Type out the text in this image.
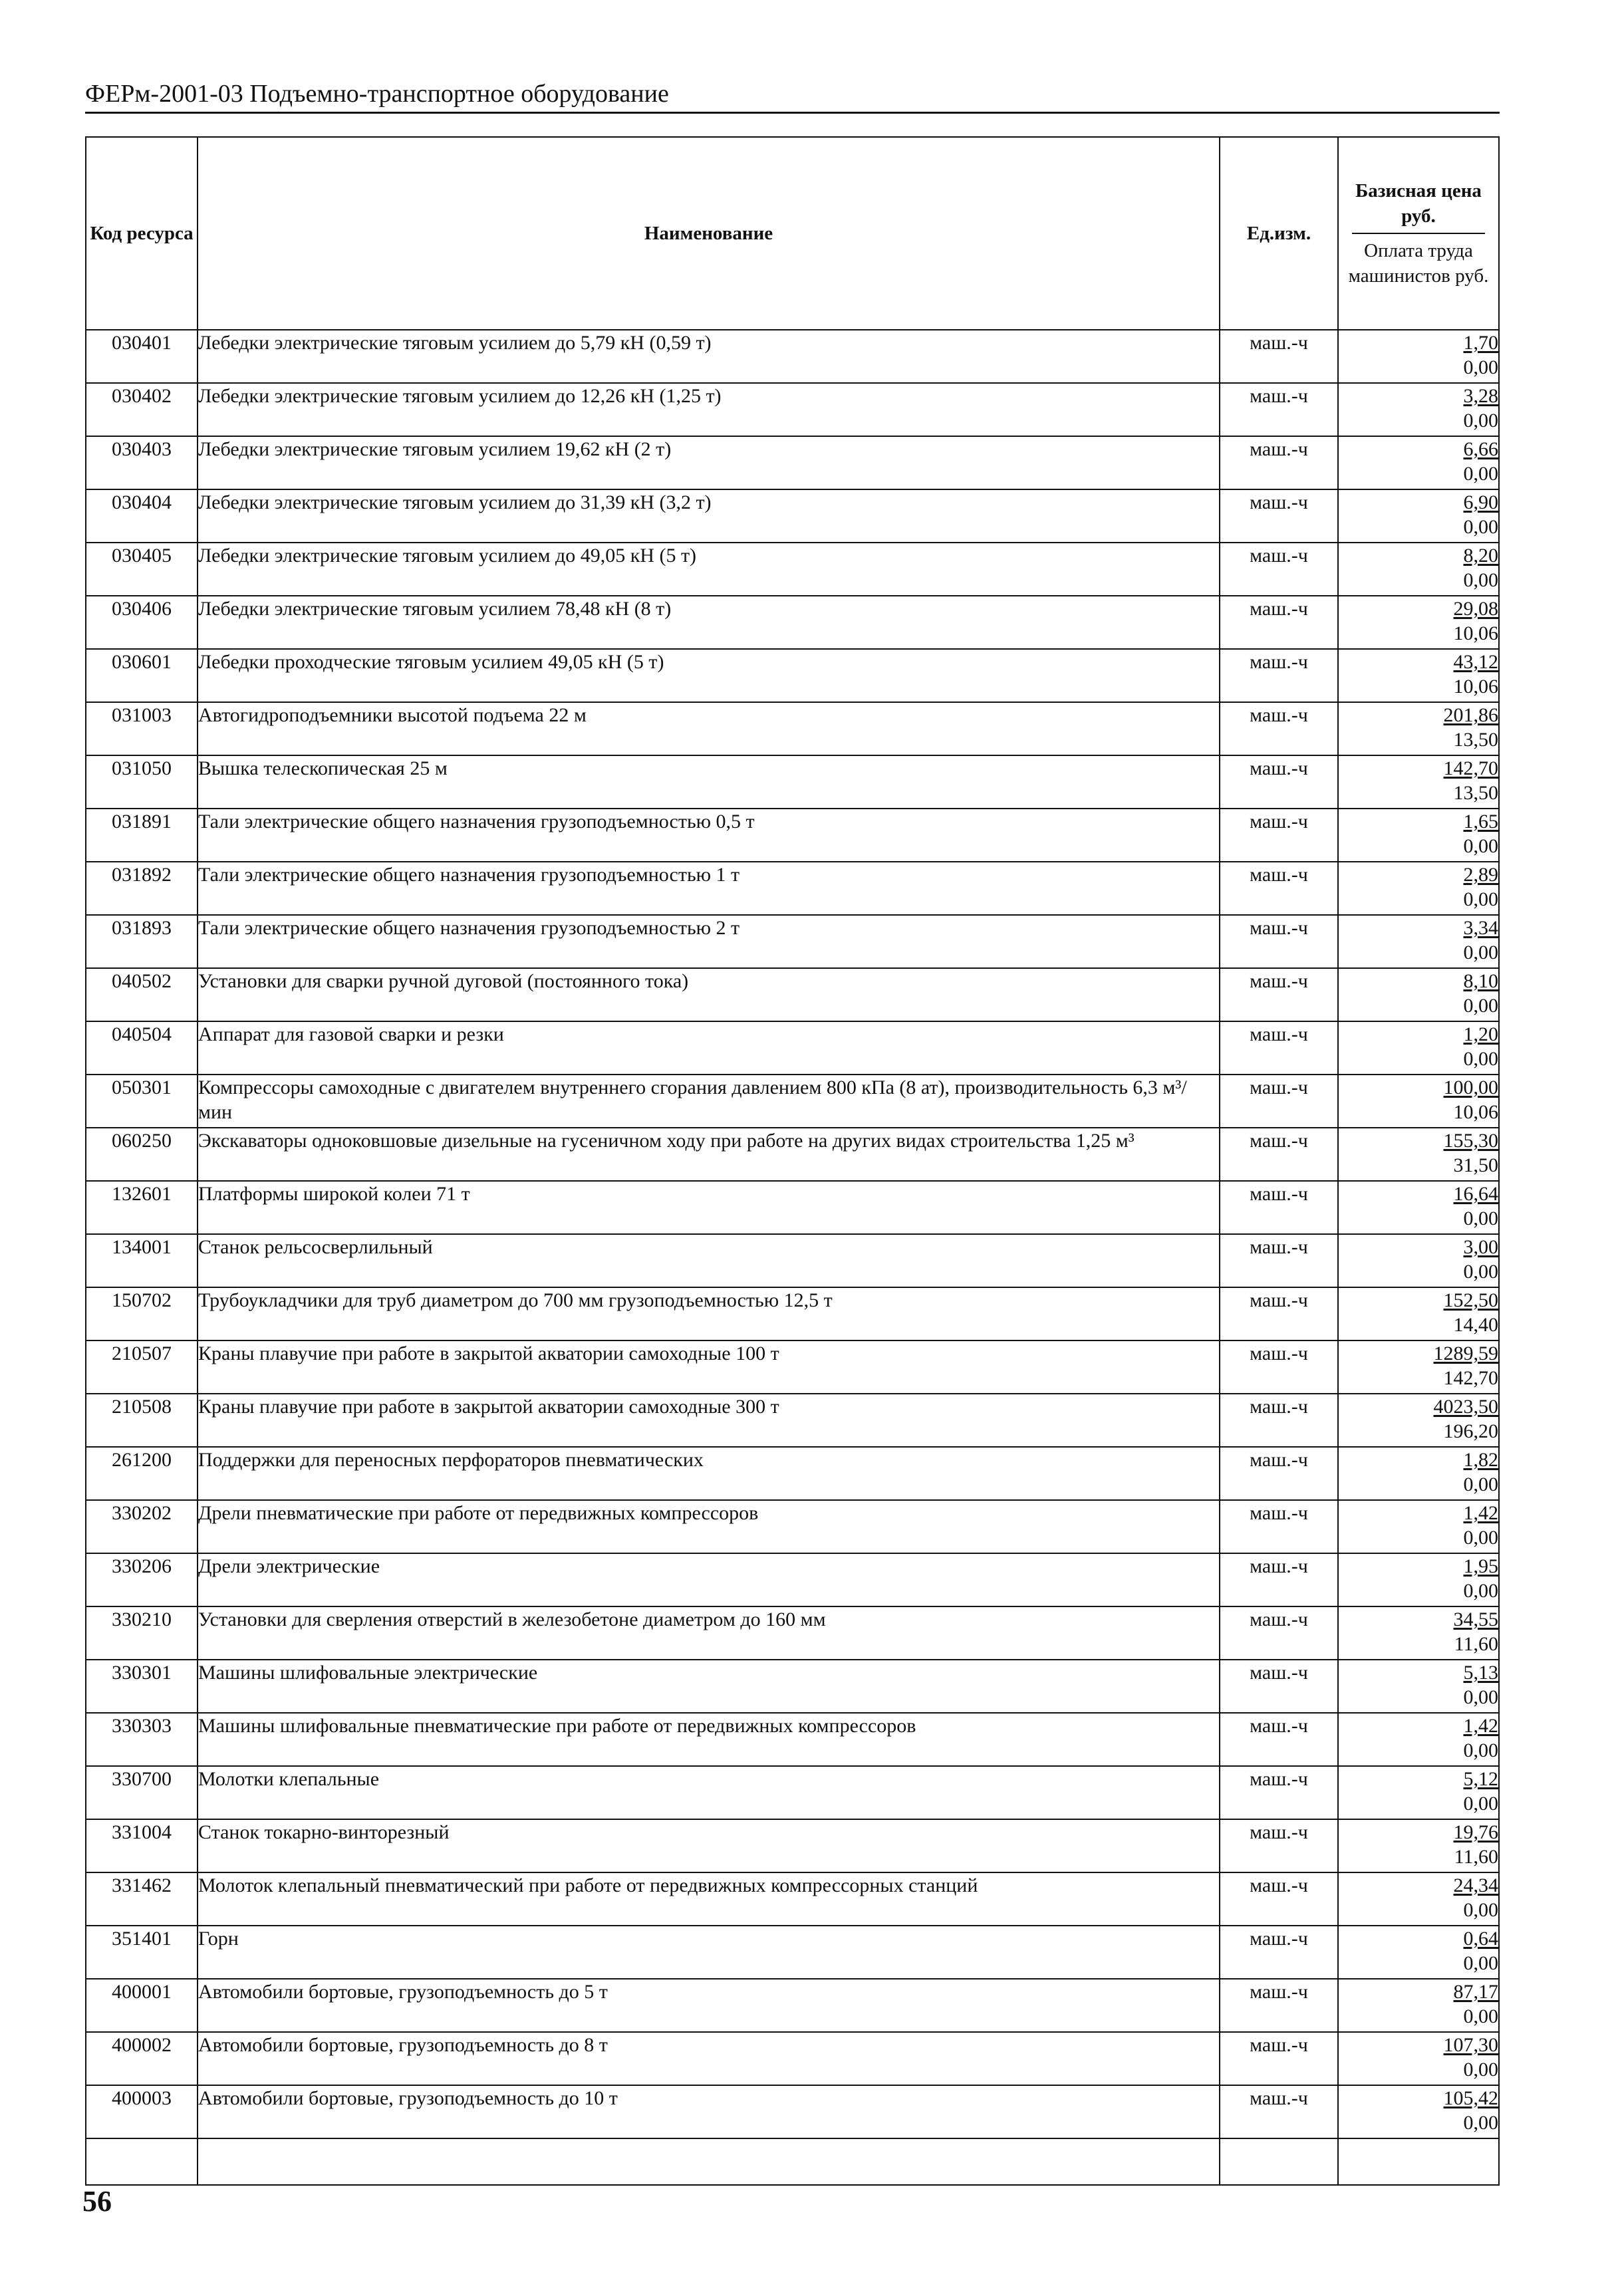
ФЕРм-2001-03 Подъемно-транспортное оборудование
Код ресурса	Наименование	Ед.изм.	Базисная цена руб.
Оплата труда машинистов руб.

030401	Лебедки электрические тяговым усилием до 5,79 кН (0,59 т)	маш.-ч	1,70
0,00

030402	Лебедки электрические тяговым усилием до 12,26 кН (1,25 т)	маш.-ч	3,28
0,00

030403	Лебедки электрические тяговым усилием 19,62 кН (2 т)	маш.-ч	6,66
0,00

030404	Лебедки электрические тяговым усилием до 31,39 кН (3,2 т)	маш.-ч	6,90
0,00

030405	Лебедки электрические тяговым усилием до 49,05 кН (5 т)	маш.-ч	8,20
0,00

030406	Лебедки электрические тяговым усилием 78,48 кН (8 т)	маш.-ч	29,08
10,06

030601	Лебедки проходческие тяговым усилием 49,05 кН (5 т)	маш.-ч	43,12
10,06

031003	Автогидроподъемники высотой подъема 22 м	маш.-ч	201,86
13,50

031050	Вышка телескопическая 25 м	маш.-ч	142,70
13,50

031891	Тали электрические общего назначения грузоподъемностью 0,5 т	маш.-ч	1,65
0,00

031892	Тали электрические общего назначения грузоподъемностью 1 т	маш.-ч	2,89
0,00

031893	Тали электрические общего назначения грузоподъемностью 2 т	маш.-ч	3,34
0,00

040502	Установки для сварки ручной дуговой (постоянного тока)	маш.-ч	8,10
0,00

040504	Аппарат для газовой сварки и резки	маш.-ч	1,20
0,00

050301	Компрессоры самоходные с двигателем внутреннего сгорания давлением 800 кПа (8 ат), производительность 6,3 м³/мин	маш.-ч	100,00
10,06

060250	Экскаваторы одноковшовые дизельные на гусеничном ходу при работе на других видах строительства 1,25 м³	маш.-ч	155,30
31,50

132601	Платформы широкой колеи 71 т	маш.-ч	16,64
0,00

134001	Станок рельсосверлильный	маш.-ч	3,00
0,00

150702	Трубоукладчики для труб диаметром до 700 мм грузоподъемностью 12,5 т	маш.-ч	152,50
14,40

210507	Краны плавучие при работе в закрытой акватории самоходные 100 т	маш.-ч	1289,59
142,70

210508	Краны плавучие при работе в закрытой акватории самоходные 300 т	маш.-ч	4023,50
196,20

261200	Поддержки для переносных перфораторов пневматических	маш.-ч	1,82
0,00

330202	Дрели пневматические при работе от передвижных компрессоров	маш.-ч	1,42
0,00

330206	Дрели электрические	маш.-ч	1,95
0,00

330210	Установки для сверления отверстий в железобетоне диаметром до 160 мм	маш.-ч	34,55
11,60

330301	Машины шлифовальные электрические	маш.-ч	5,13
0,00

330303	Машины шлифовальные пневматические при работе от передвижных компрессоров	маш.-ч	1,42
0,00

330700	Молотки клепальные	маш.-ч	5,12
0,00

331004	Станок токарно-винторезный	маш.-ч	19,76
11,60

331462	Молоток клепальный пневматический при работе от передвижных компрессорных станций	маш.-ч	24,34
0,00

351401	Горн	маш.-ч	0,64
0,00

400001	Автомобили бортовые, грузоподъемность до 5 т	маш.-ч	87,17
0,00

400002	Автомобили бортовые, грузоподъемность до 8 т	маш.-ч	107,30
0,00

400003	Автомобили бортовые, грузоподъемность до 10 т	маш.-ч	105,42
0,00

56
